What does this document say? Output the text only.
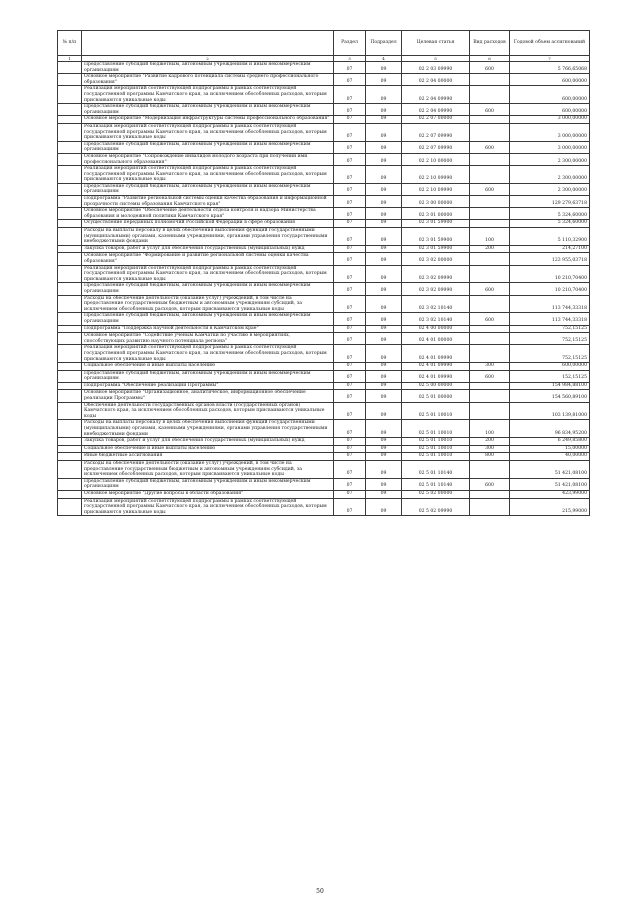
№ п/п		Раздел	Подраздел	Целевая статья	Вид расходов	Годовой объем ассигнований
1	2	3	4	5	6	7
	Предоставление субсидий бюджетным, автономным учреждениям и иным некоммерческим организациям	07	09	02 2 03 09990	600	5 766,65068
	Основное мероприятие "Развитие кадрового потенциала системы среднего профессионального образования"	07	09	02 2 04 00000		600,00000
	Реализация мероприятий соответствующей подпрограммы в рамках соответствующей государственной программы Камчатского края, за исключением обособленных расходов, которым присваиваются уникальные коды	07	09	02 2 04 09990		600,00000
	Предоставление субсидий бюджетным, автономным учреждениям и иным некоммерческим организациям	07	09	02 2 04 09990	600	600,00000
	Основное мероприятие "Модернизация инфраструктуры системы профессионального образования"	07	09	02 2 07 00000		3 000,00000
	Реализация мероприятий соответствующей подпрограммы в рамках соответствующей государственной программы Камчатского края, за исключением обособленных расходов, которым присваиваются уникальные коды	07	09	02 2 07 09990		3 000,00000
	Предоставление субсидий бюджетным, автономным учреждениям и иным некоммерческим организациям	07	09	02 2 07 09990	600	3 000,00000
	Основное мероприятие "Сопровождение инвалидов молодого возраста при получении ими профессионального образования"	07	09	02 2 10 00000		2 300,00000
	Реализация мероприятий соответствующей подпрограммы в рамках соответствующей государственной программы Камчатского края, за исключением обособленных расходов, которым присваиваются уникальные коды	07	09	02 2 10 09990		2 300,00000
	Предоставление субсидий бюджетным, автономным учреждениям и иным некоммерческим организациям	07	09	02 2 10 09990	600	2 300,00000
	Подпрограмма "Развитие региональной системы оценки качества образования и информационной прозрачности системы образования Камчатского края"	07	09	02 3 00 00000		129 279,63718
	Основное мероприятие "Обеспечение деятельности отдела контроля и надзора Министерства образования и молодежной политики Камчатского края"	07	09	02 3 01 00000		5 324,60000
	Осуществление переданных полномочий Российской Федерации в сфере образования	07	09	02 3 01 59900		5 324,60000
	Расходы на выплаты персоналу в целях обеспечения выполнения функций государственными (муниципальными) органами, казенными учреждениями, органами управления государственными внебюджетными фондами	07	09	02 3 01 59900	100	5 110,32900
	Закупка товаров, работ и услуг для обеспечения государственных (муниципальных) нужд	07	09	02 3 01 59900	200	214,27100
	Основное мероприятие "Формирование и развитие региональной системы оценки качества образования"	07	09	02 3 02 00000		123 955,03718
	Реализация мероприятий соответствующей подпрограммы в рамках соответствующей государственной программы Камчатского края, за исключением обособленных расходов, которым присваиваются уникальные коды	07	09	02 3 02 09990		10 210,70400
	Предоставление субсидий бюджетным, автономным учреждениям и иным некоммерческим организациям	07	09	02 3 02 09990	600	10 210,70400
	Расходы на обеспечение деятельности (оказание услуг) учреждений, в том числе на предоставление государственным бюджетным и автономным учреждениям субсидий, за исключением обособленных расходов, которым присваиваются уникальные коды	07	09	02 3 02 10140		113 744,33318
	Предоставление субсидий бюджетным, автономным учреждениям и иным некоммерческим организациям	07	09	02 3 02 10140	600	113 744,33318
	Подпрограмма "Поддержка научной деятельности в Камчатском крае"	07	09	02 4 00 00000		752,15125
	Основное мероприятие "Содействие ученым Камчатки по участию в мероприятиях, способствующих развитию научного потенциала региона"	07	09	02 4 01 00000		752,15125
	Реализация мероприятий соответствующей подпрограммы в рамках соответствующей государственной программы Камчатского края, за исключением обособленных расходов, которым присваиваются уникальные коды	07	09	02 4 01 09990		752,15125
	Социальное обеспечение и иные выплаты населению	07	09	02 4 01 09990	300	600,00000
	Предоставление субсидий бюджетным, автономным учреждениям и иным некоммерческим организациям	07	09	02 4 01 09990	600	152,15125
	Подпрограмма "Обеспечение реализации Программы"	07	09	02 5 00 00000		154 984,88100
	Основное мероприятие "Организационное, аналитическое, информационное обеспечение реализации Программы"	07	09	02 5 01 00000		154 560,89100
	Обеспечение деятельности государственных органов власти (государственных органов) Камчатского края, за исключением обособленных расходов, которым присваиваются уникальные коды	07	09	02 5 01 10010		103 139,81000
	Расходы на выплаты персоналу в целях обеспечения выполнения функций государственными (муниципальными) органами, казенными учреждениями, органами управления государственными внебюджетными фондами	07	09	02 5 01 10010	100	96 834,95200
	Закупка товаров, работ и услуг для обеспечения государственных (муниципальных) нужд	07	09	02 5 01 10010	200	6 249,85800
	Социальное обеспечение и иные выплаты населению	07	09	02 5 01 10010	300	15,00000
	Иные бюджетные ассигнования	07	09	02 5 01 10010	800	40,00000
	Расходы на обеспечение деятельности (оказание услуг) учреждений, в том числе на предоставление государственным бюджетным и автономным учреждениям субсидий, за исключением обособленных расходов, которым присваиваются уникальные коды	07	09	02 5 01 10140		51 421,08100
	Предоставление субсидий бюджетным, автономным учреждениям и иным некоммерческим организациям	07	09	02 5 01 10140	600	51 421,08100
	Основное мероприятие "Другие вопросы в области образования"	07	09	02 5 02 00000		423,99000
	Реализация мероприятий соответствующей подпрограммы в рамках соответствующей государственной программы Камчатского края, за исключением обособленных расходов, которым присваиваются уникальные коды	07	09	02 5 02 09990		215,99000
50
